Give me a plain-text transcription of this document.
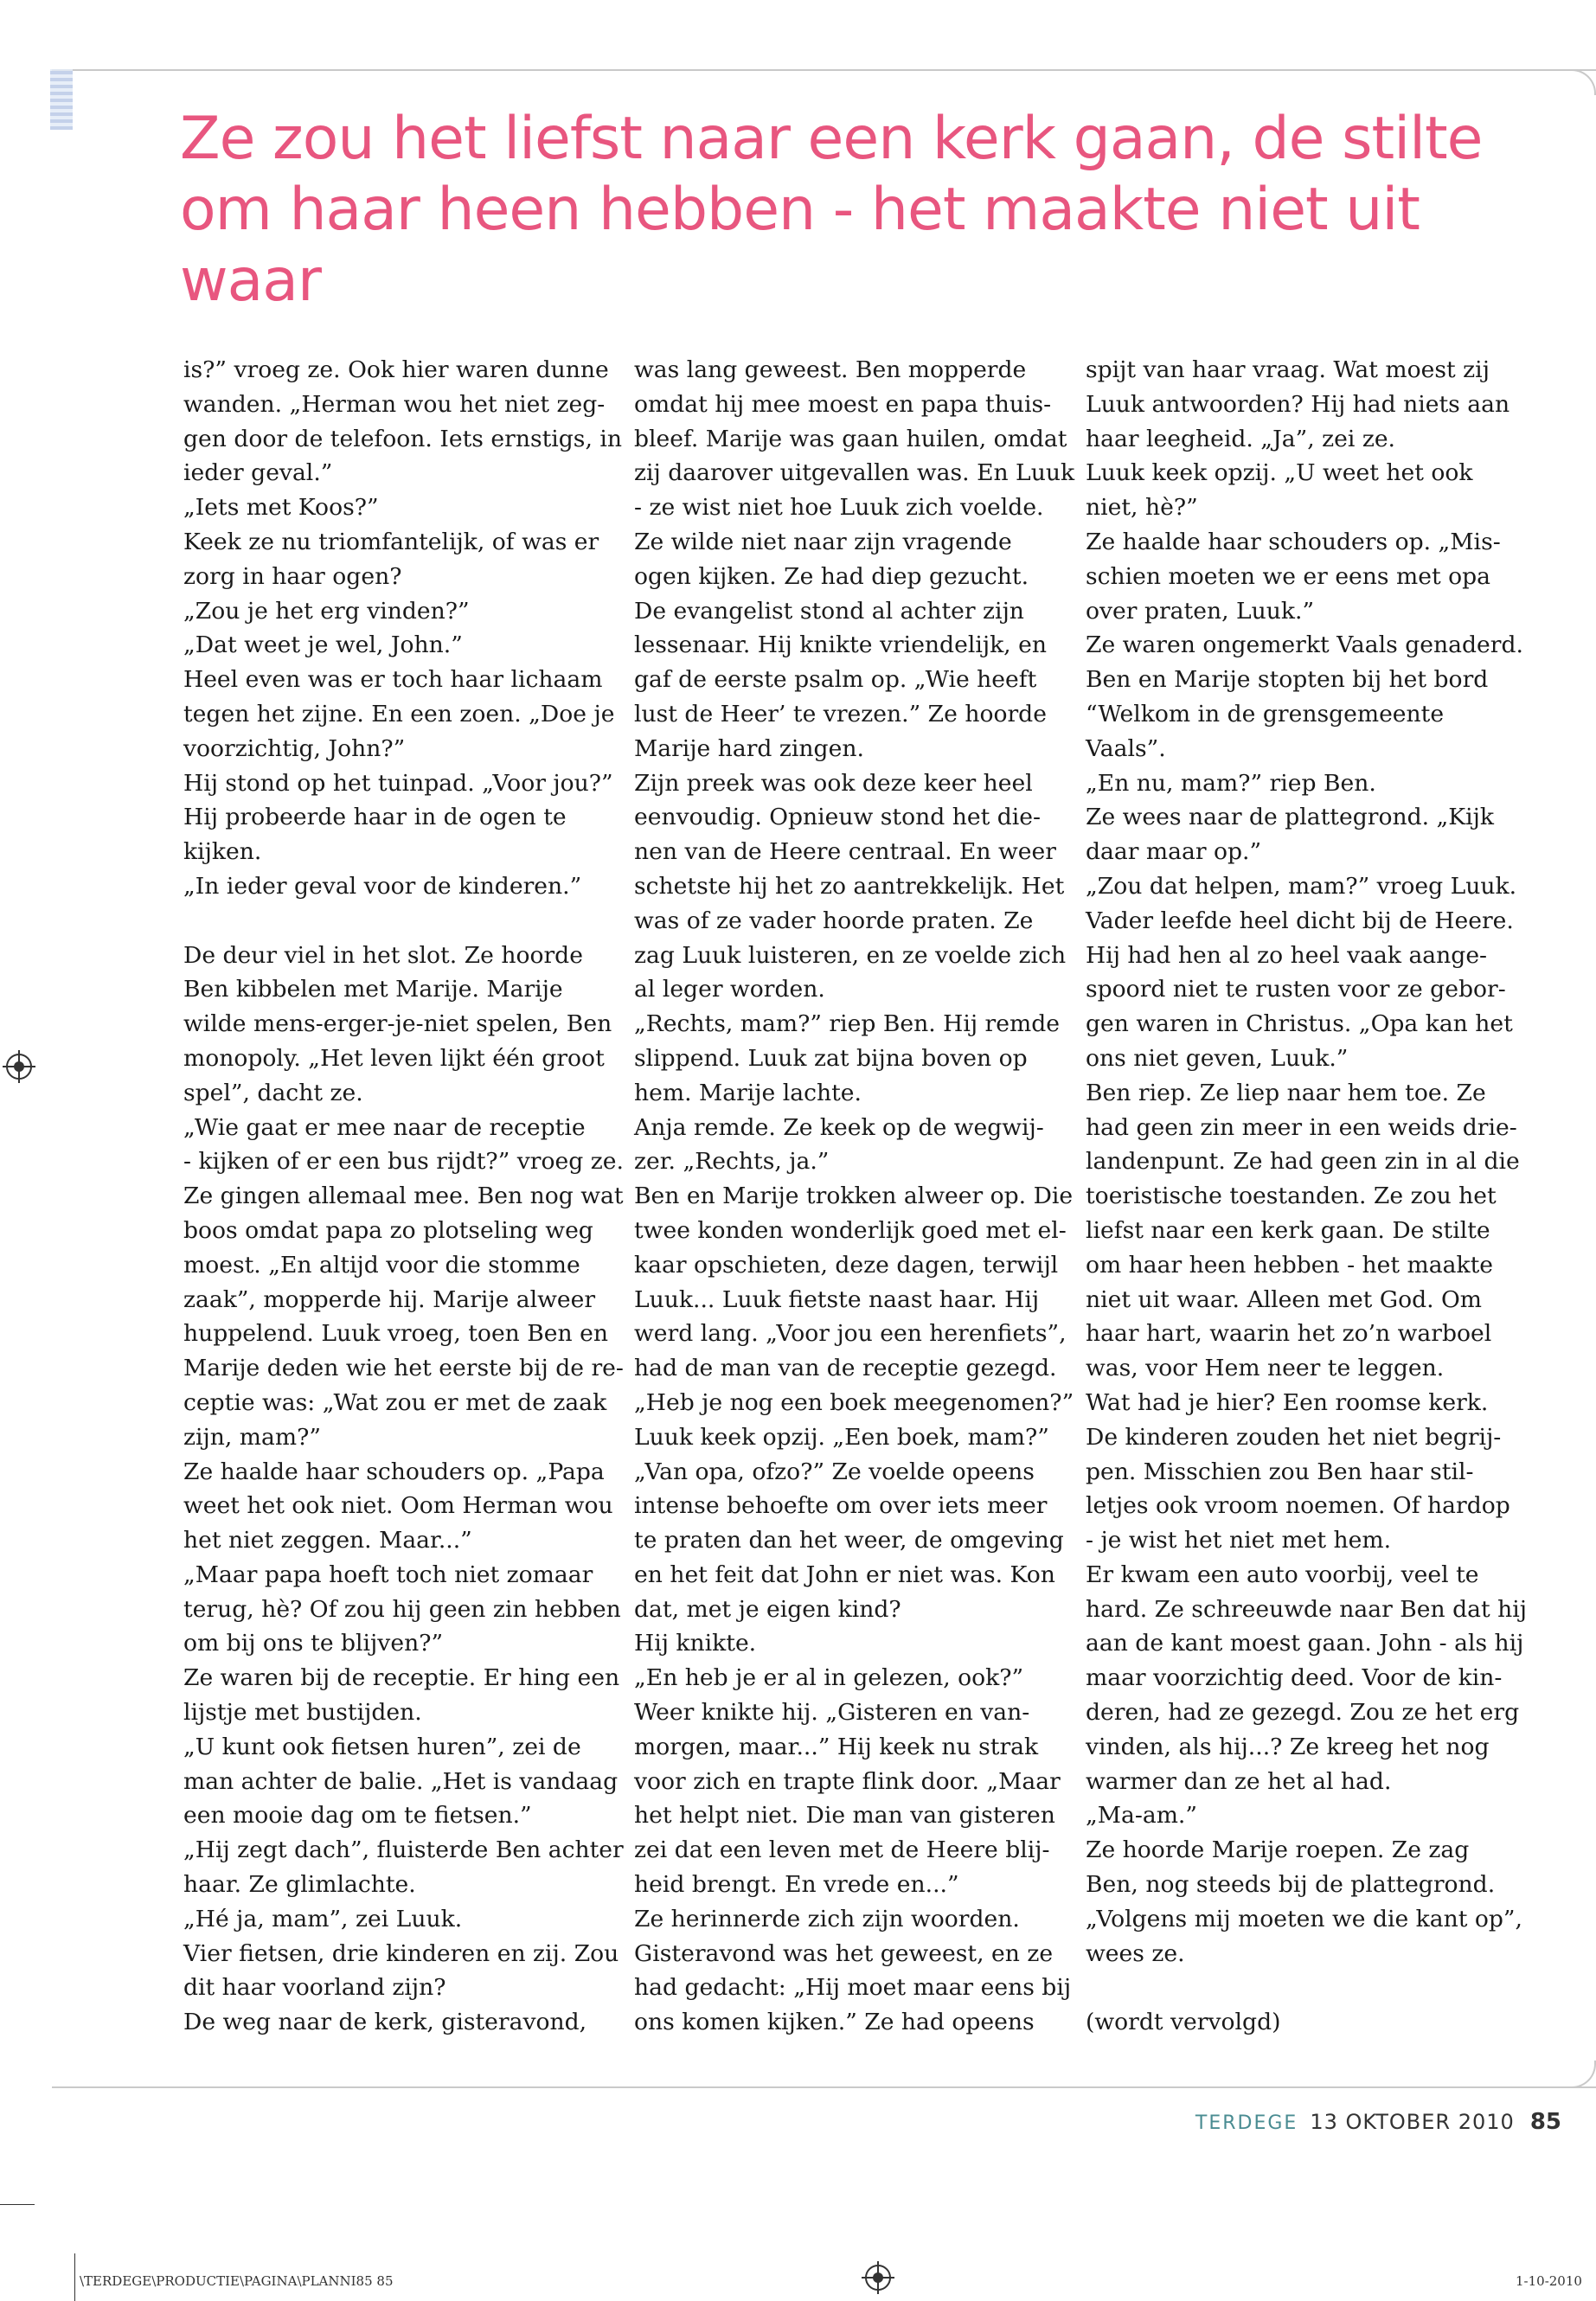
Ze zou het liefst naar een kerk gaan, de stilte om haar heen hebben - het maakte niet uit waar
is?” vroeg ze. Ook hier waren dunne
wanden. „Herman wou het niet zeg-
gen door de telefoon. Iets ernstigs, in
ieder geval.”
„Iets met Koos?”
Keek ze nu triomfantelijk, of was er
zorg in haar ogen?
„Zou je het erg vinden?”
„Dat weet je wel, John.”
Heel even was er toch haar lichaam
tegen het zijne. En een zoen. „Doe je
voorzichtig, John?”
Hij stond op het tuinpad. „Voor jou?”
Hij probeerde haar in de ogen te
kijken.
„In ieder geval voor de kinderen.”
De deur viel in het slot. Ze hoorde
Ben kibbelen met Marije. Marije
wilde mens-erger-je-niet spelen, Ben
monopoly. „Het leven lijkt één groot
spel”, dacht ze.
„Wie gaat er mee naar de receptie
- kijken of er een bus rijdt?” vroeg ze.
Ze gingen allemaal mee. Ben nog wat
boos omdat papa zo plotseling weg
moest. „En altijd voor die stomme
zaak”, mopperde hij. Marije alweer
huppelend. Luuk vroeg, toen Ben en
Marije deden wie het eerste bij de re-
ceptie was: „Wat zou er met de zaak
zijn, mam?”
Ze haalde haar schouders op. „Papa
weet het ook niet. Oom Herman wou
het niet zeggen. Maar...”
„Maar papa hoeft toch niet zomaar
terug, hè? Of zou hij geen zin hebben
om bij ons te blijven?”
Ze waren bij de receptie. Er hing een
lijstje met bustijden.
„U kunt ook fietsen huren”, zei de
man achter de balie. „Het is vandaag
een mooie dag om te fietsen.”
„Hij zegt dach”, fluisterde Ben achter
haar. Ze glimlachte.
„Hé ja, mam”, zei Luuk.
Vier fietsen, drie kinderen en zij. Zou
dit haar voorland zijn?
De weg naar de kerk, gisteravond,
was lang geweest. Ben mopperde
omdat hij mee moest en papa thuis-
bleef. Marije was gaan huilen, omdat
zij daarover uitgevallen was. En Luuk
- ze wist niet hoe Luuk zich voelde.
Ze wilde niet naar zijn vragende
ogen kijken. Ze had diep gezucht.
De evangelist stond al achter zijn
lessenaar. Hij knikte vriendelijk, en
gaf de eerste psalm op. „Wie heeft
lust de Heer’ te vrezen.” Ze hoorde
Marije hard zingen.
Zijn preek was ook deze keer heel
eenvoudig. Opnieuw stond het die-
nen van de Heere centraal. En weer
schetste hij het zo aantrekkelijk. Het
was of ze vader hoorde praten. Ze
zag Luuk luisteren, en ze voelde zich
al leger worden.
„Rechts, mam?” riep Ben. Hij remde
slippend. Luuk zat bijna boven op
hem. Marije lachte.
Anja remde. Ze keek op de wegwij-
zer. „Rechts, ja.”
Ben en Marije trokken alweer op. Die
twee konden wonderlijk goed met el-
kaar opschieten, deze dagen, terwijl
Luuk... Luuk fietste naast haar. Hij
werd lang. „Voor jou een herenfiets”,
had de man van de receptie gezegd.
„Heb je nog een boek meegenomen?”
Luuk keek opzij. „Een boek, mam?”
„Van opa, ofzo?” Ze voelde opeens
intense behoefte om over iets meer
te praten dan het weer, de omgeving
en het feit dat John er niet was. Kon
dat, met je eigen kind?
Hij knikte.
„En heb je er al in gelezen, ook?”
Weer knikte hij. „Gisteren en van-
morgen, maar...” Hij keek nu strak
voor zich en trapte flink door. „Maar
het helpt niet. Die man van gisteren
zei dat een leven met de Heere blij-
heid brengt. En vrede en...”
Ze herinnerde zich zijn woorden.
Gisteravond was het geweest, en ze
had gedacht: „Hij moet maar eens bij
ons komen kijken.” Ze had opeens
spijt van haar vraag. Wat moest zij
Luuk antwoorden? Hij had niets aan
haar leegheid. „Ja”, zei ze.
Luuk keek opzij. „U weet het ook
niet, hè?”
Ze haalde haar schouders op. „Mis-
schien moeten we er eens met opa
over praten, Luuk.”
Ze waren ongemerkt Vaals genaderd.
Ben en Marije stopten bij het bord
“Welkom in de grensgemeente
Vaals”.
„En nu, mam?” riep Ben.
Ze wees naar de plattegrond. „Kijk
daar maar op.”
„Zou dat helpen, mam?” vroeg Luuk.
Vader leefde heel dicht bij de Heere.
Hij had hen al zo heel vaak aange-
spoord niet te rusten voor ze gebor-
gen waren in Christus. „Opa kan het
ons niet geven, Luuk.”
Ben riep. Ze liep naar hem toe. Ze
had geen zin meer in een weids drie-
landenpunt. Ze had geen zin in al die
toeristische toestanden. Ze zou het
liefst naar een kerk gaan. De stilte
om haar heen hebben - het maakte
niet uit waar. Alleen met God. Om
haar hart, waarin het zo’n warboel
was, voor Hem neer te leggen.
Wat had je hier? Een roomse kerk.
De kinderen zouden het niet begrij-
pen. Misschien zou Ben haar stil-
letjes ook vroom noemen. Of hardop
- je wist het niet met hem.
Er kwam een auto voorbij, veel te
hard. Ze schreeuwde naar Ben dat hij
aan de kant moest gaan. John - als hij
maar voorzichtig deed. Voor de kin-
deren, had ze gezegd. Zou ze het erg
vinden, als hij...? Ze kreeg het nog
warmer dan ze het al had.
„Ma-am.”
Ze hoorde Marije roepen. Ze zag
Ben, nog steeds bij de plattegrond.
„Volgens mij moeten we die kant op”,
wees ze.
(wordt vervolgd)
TERDEGE 13 OKTOBER 2010 85
\TERDEGE\PRODUCTIE\PAGINA\PLANNI85 85	1-10-2010
